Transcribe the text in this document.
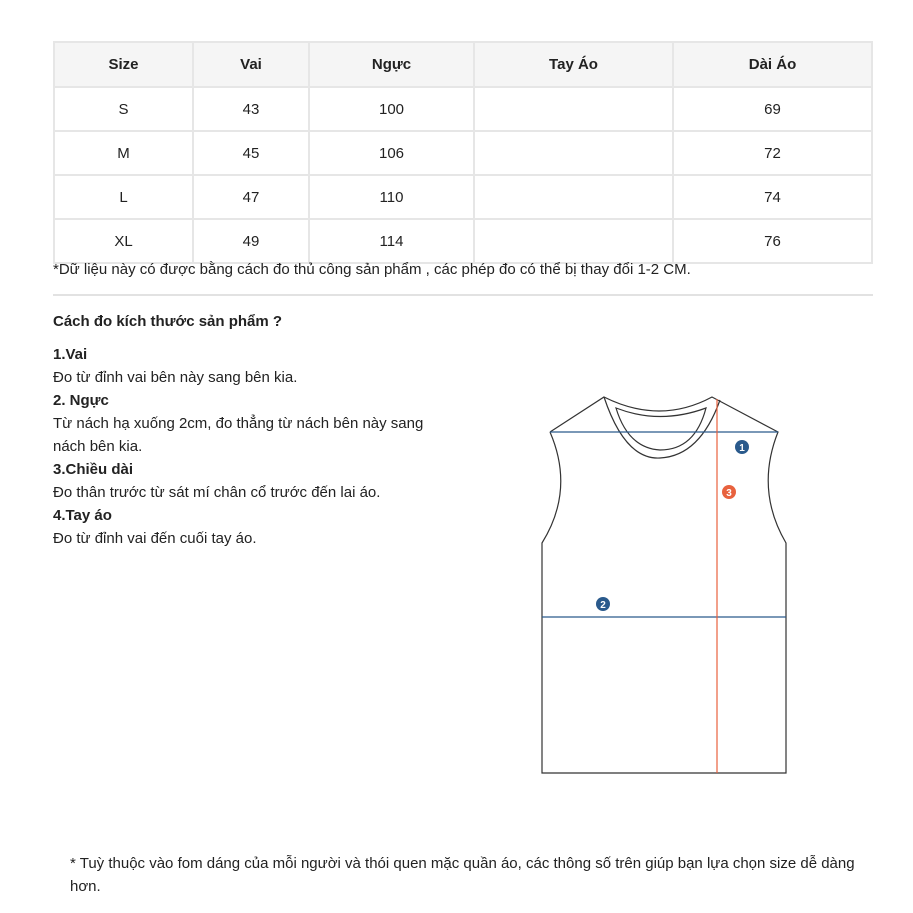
Size	Vai	Ngực	Tay Áo	Dài Áo
S	43	100		69
M	45	106		72
L	47	110		74
XL	49	114		76
*Dữ liệu này có được bằng cách đo thủ công sản phẩm , các phép đo có thể bị thay đổi 1-2 CM.
Cách đo kích thước sản phẩm ?
1.Vai
Đo từ đỉnh vai bên này sang bên kia.
2. Ngực
Từ nách hạ xuống 2cm, đo thẳng từ nách bên này sang nách bên kia.
3.Chiều dài
Đo thân trước từ sát mí chân cổ trước đến lai áo.
4.Tay áo
Đo từ đỉnh vai đến cuối tay áo.
1
2
3
* Tuỳ thuộc vào fom dáng của mỗi người và thói quen mặc quần áo, các thông số trên giúp bạn lựa chọn size dễ dàng hơn.
